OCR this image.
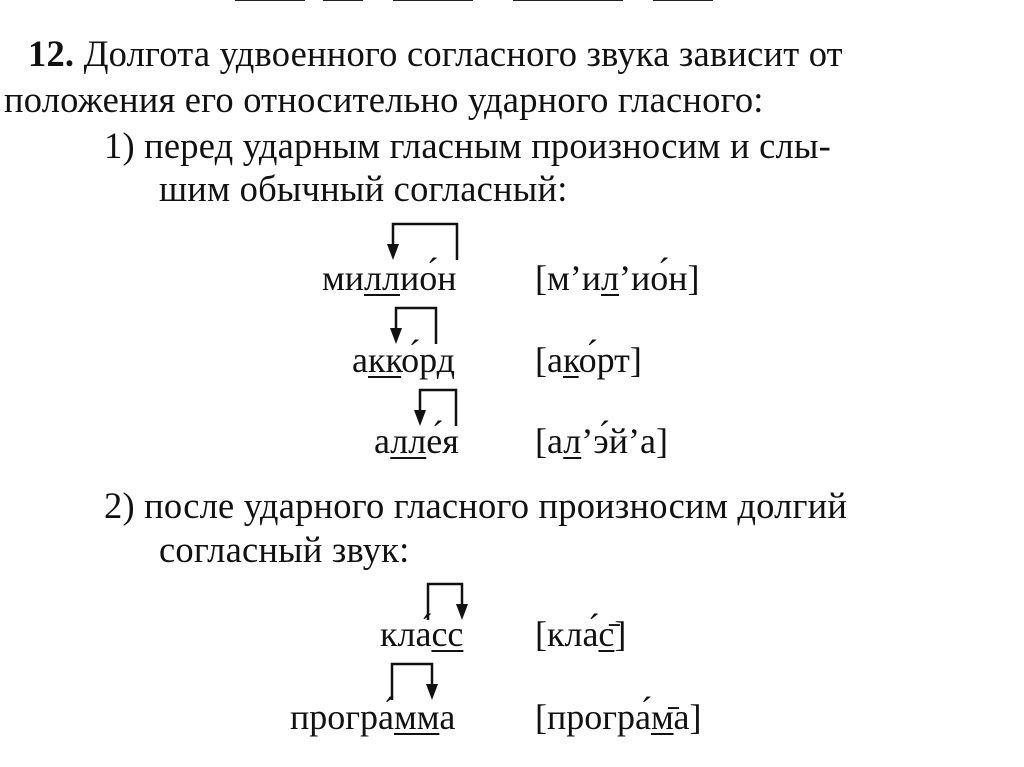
12. Долгота удвоенного согласного звука зависит от
положения его относительно ударного гласного:
1) перед ударным гласным произносим и слы-
шим обычный согласный:
миллио́н [м’ил’ио́н]
акко́рд [ако́рт]
алле́я [ал’э́й’а]
2) после ударного гласного произносим долгий
согласный звук:
кла́сс [кла́с̄]
програ́мма [програ́м̄а]
